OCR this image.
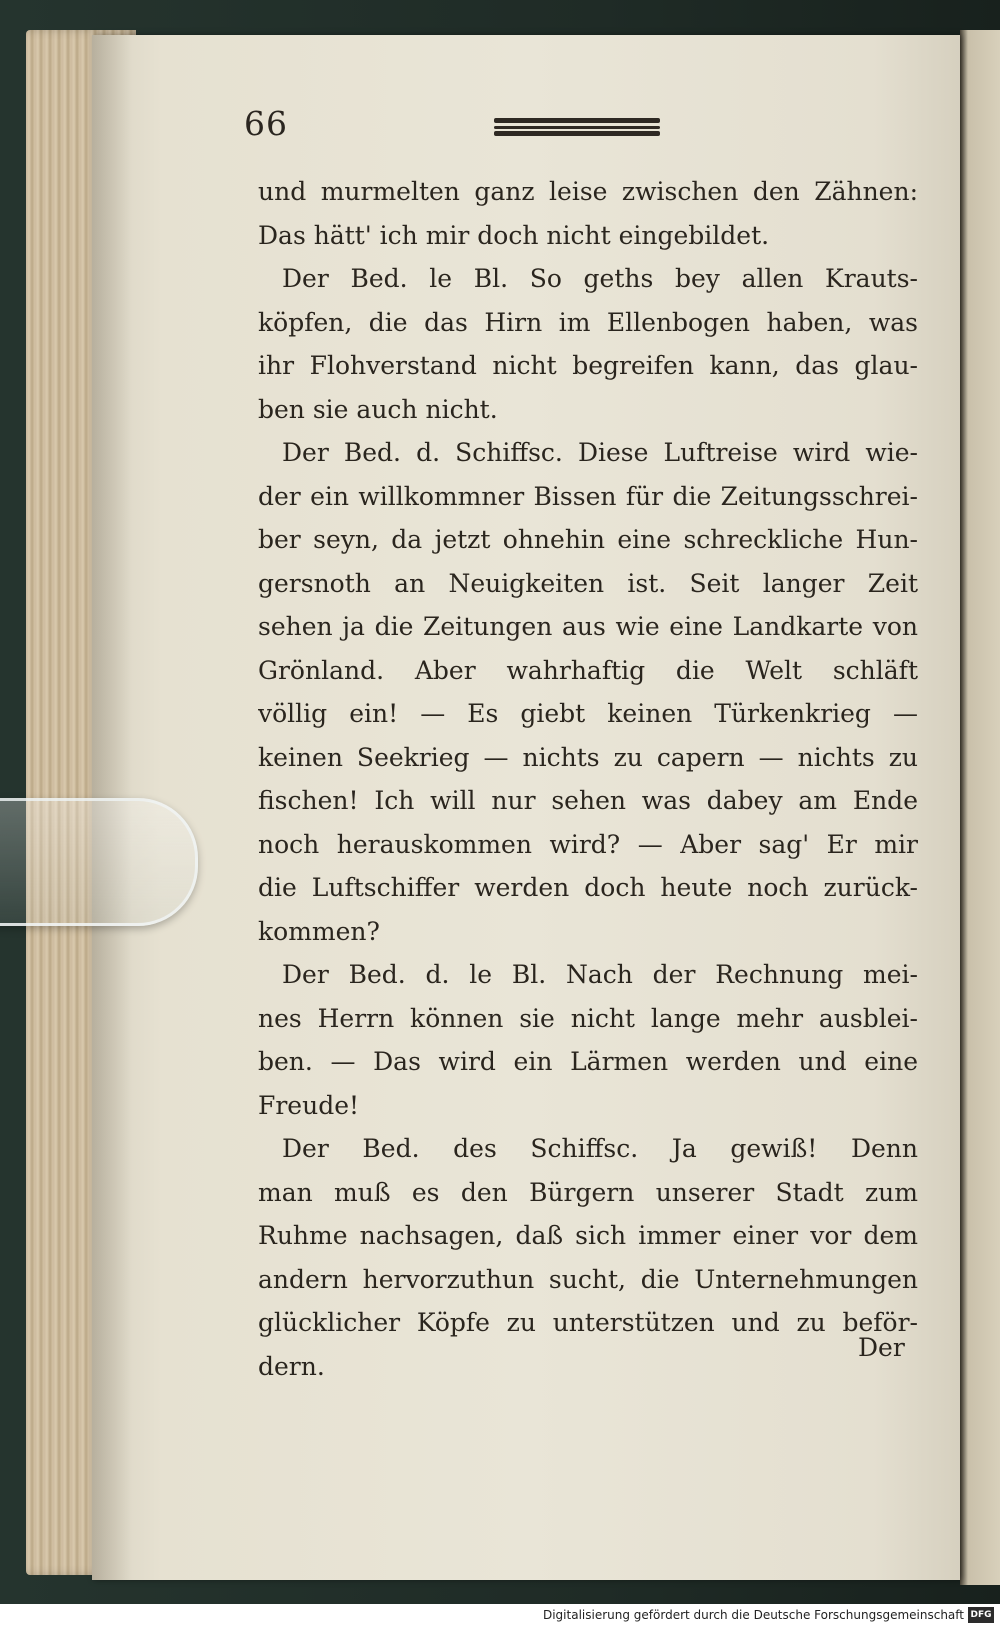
66
und murmelten ganz leise zwischen den Zähnen:
Das hätt' ich mir doch nicht eingebildet.
Der Bed. le Bl. So geths bey allen Krauts-
köpfen, die das Hirn im Ellenbogen haben, was
ihr Flohverstand nicht begreifen kann, das glau-
ben sie auch nicht.
Der Bed. d. Schiffsc. Diese Luftreise wird wie-
der ein willkommner Bissen für die Zeitungsschrei-
ber seyn, da jetzt ohnehin eine schreckliche Hun-
gersnoth an Neuigkeiten ist. Seit langer Zeit
sehen ja die Zeitungen aus wie eine Landkarte von
Grönland. Aber wahrhaftig die Welt schläft
völlig ein! — Es giebt keinen Türkenkrieg —
keinen Seekrieg — nichts zu capern — nichts zu
fischen! Ich will nur sehen was dabey am Ende
noch herauskommen wird? — Aber sag' Er mir
die Luftschiffer werden doch heute noch zurück-
kommen?
Der Bed. d. le Bl. Nach der Rechnung mei-
nes Herrn können sie nicht lange mehr ausblei-
ben. — Das wird ein Lärmen werden und eine
Freude!
Der Bed. des Schiffsc. Ja gewiß! Denn
man muß es den Bürgern unserer Stadt zum
Ruhme nachsagen, daß sich immer einer vor dem
andern hervorzuthun sucht, die Unternehmungen
glücklicher Köpfe zu unterstützen und zu beför-
dern.
Der
Digitalisierung gefördert durch die Deutsche Forschungsgemeinschaft DFG
